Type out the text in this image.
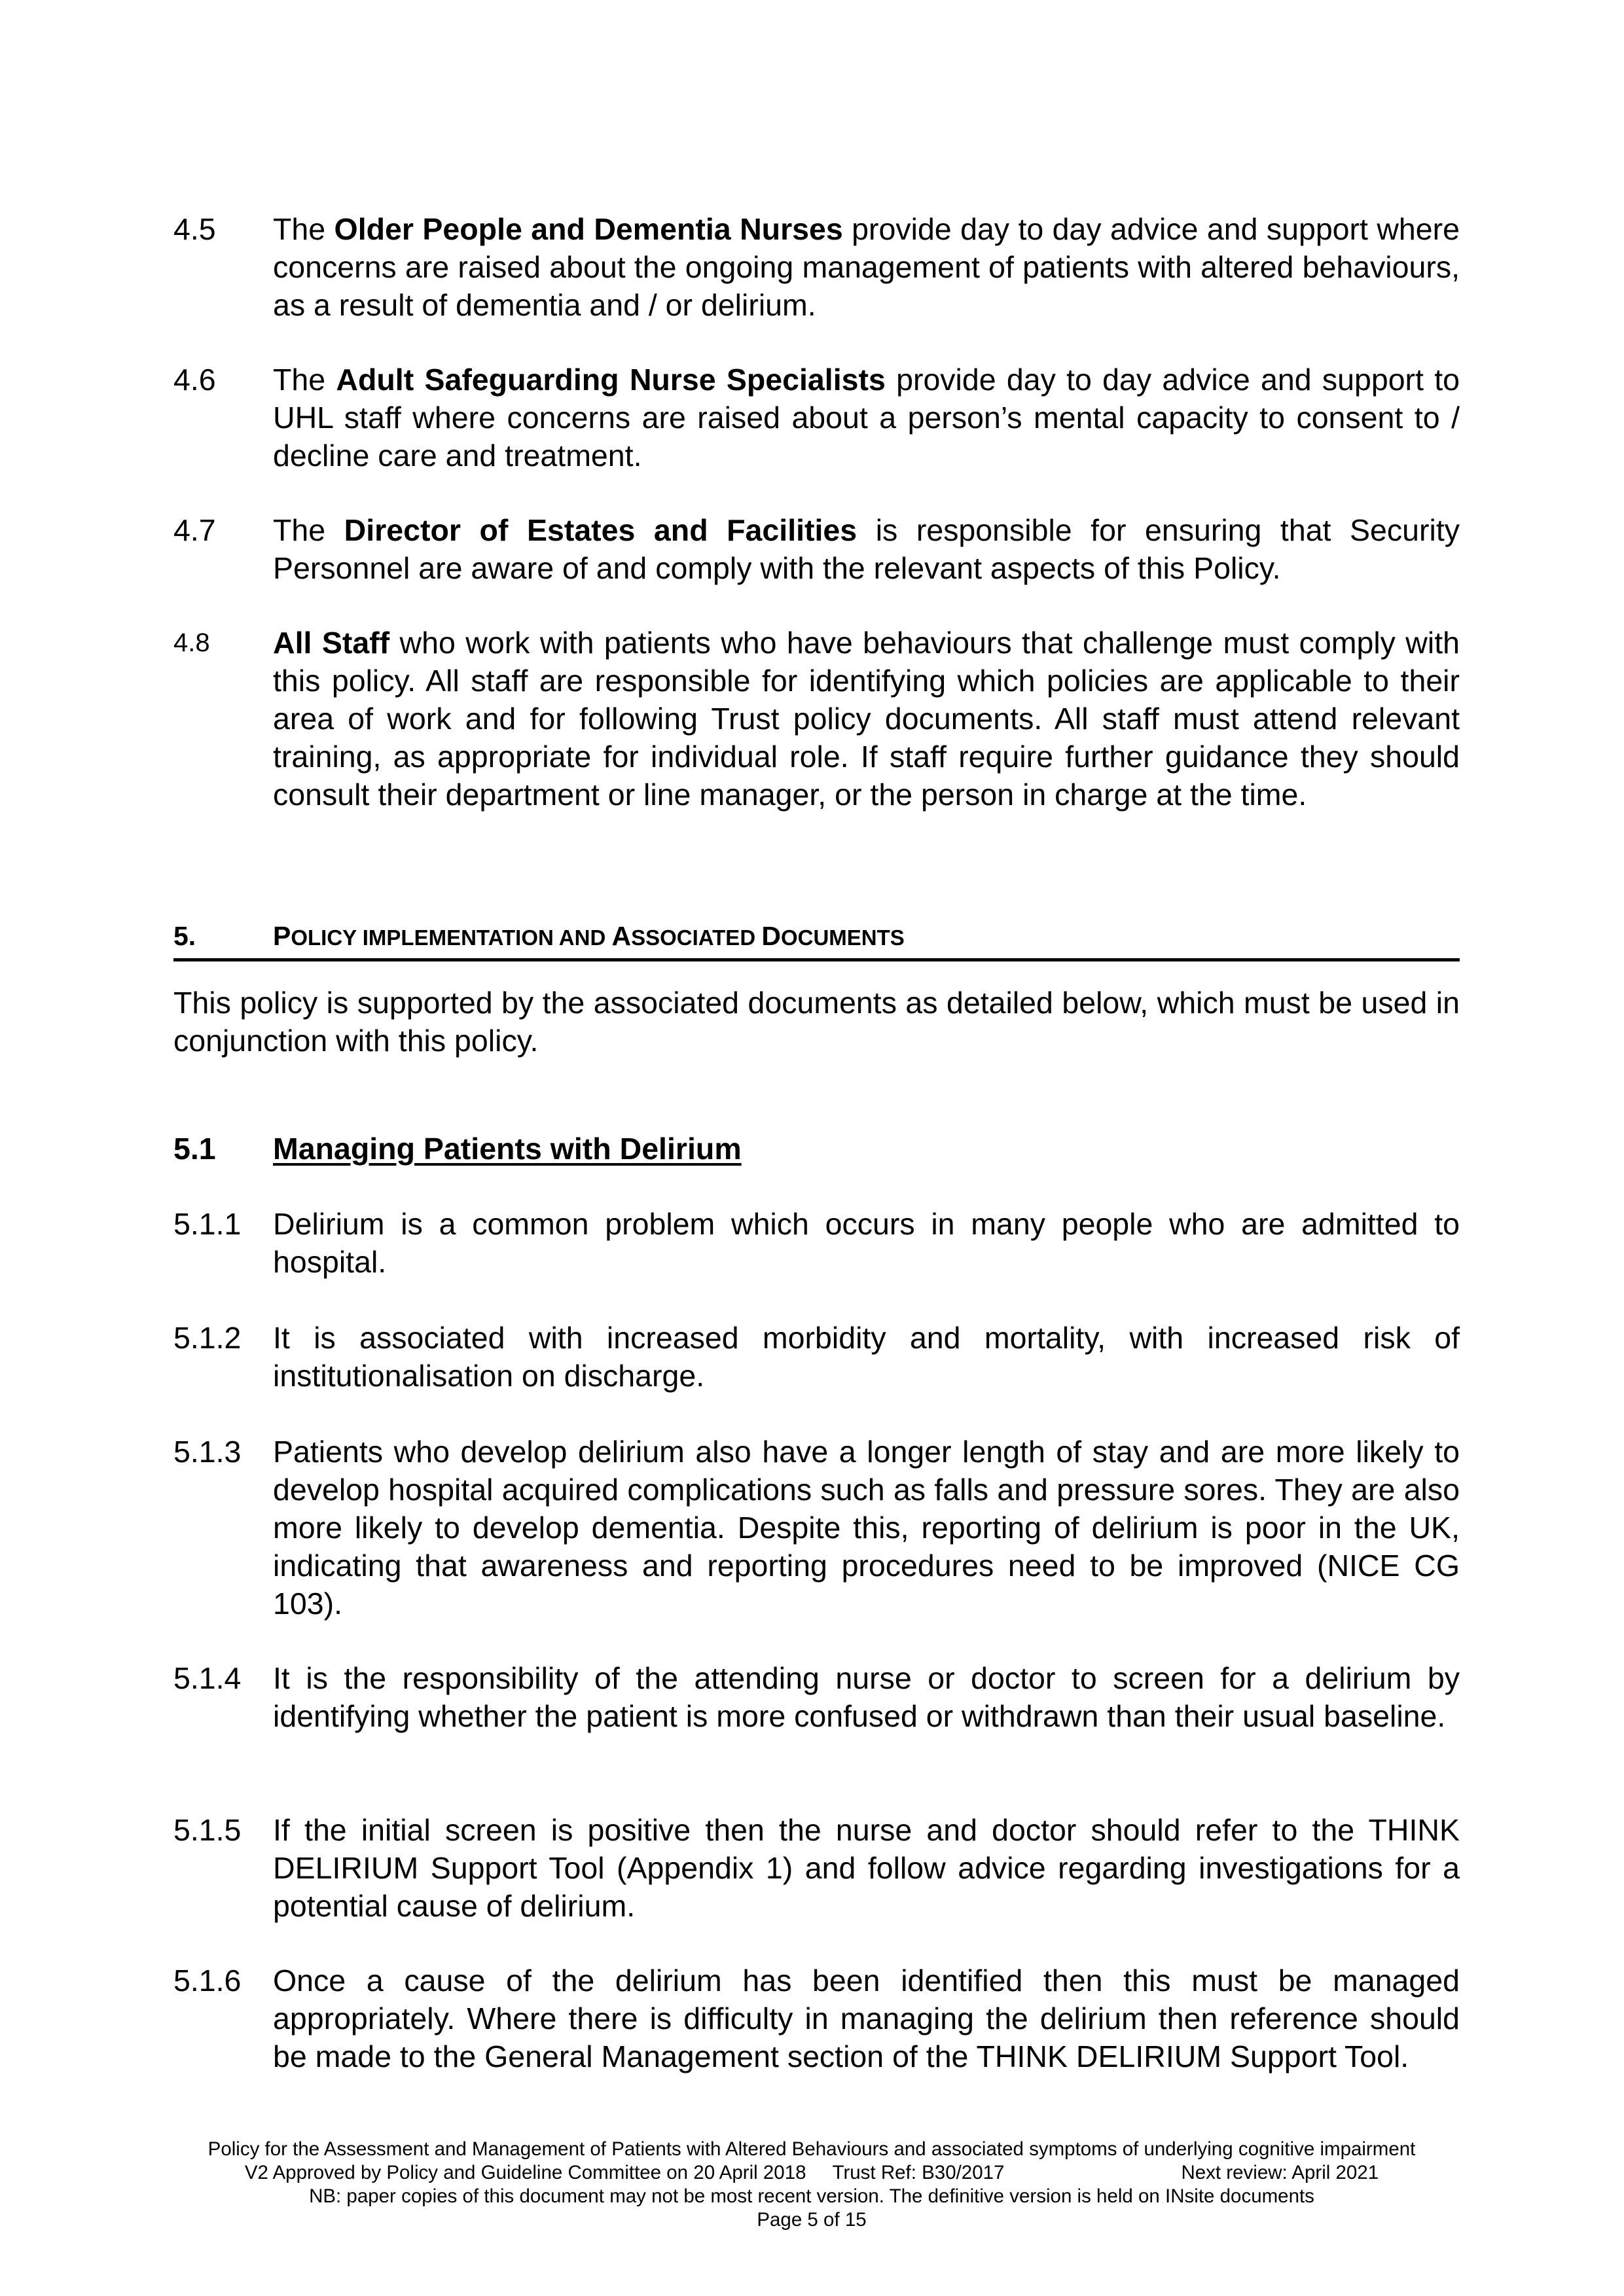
4.5	The Older People and Dementia Nurses provide day to day advice and support where concerns are raised about the ongoing management of patients with altered behaviours, as a result of dementia and / or delirium.
4.6	The Adult Safeguarding Nurse Specialists provide day to day advice and support to UHL staff where concerns are raised about a person’s mental capacity to consent to / decline care and treatment.
4.7	The Director of Estates and Facilities is responsible for ensuring that Security Personnel are aware of and comply with the relevant aspects of this Policy.
4.8	All Staff who work with patients who have behaviours that challenge must comply with this policy. All staff are responsible for identifying which policies are applicable to their area of work and for following Trust policy documents. All staff must attend relevant training, as appropriate for individual role. If staff require further guidance they should consult their department or line manager, or the person in charge at the time.
5.	POLICY IMPLEMENTATION AND ASSOCIATED DOCUMENTS
This policy is supported by the associated documents as detailed below, which must be used in conjunction with this policy.
5.1	Managing Patients with Delirium
5.1.1	Delirium is a common problem which occurs in many people who are admitted to hospital.
5.1.2	It is associated with increased morbidity and mortality, with increased risk of institutionalisation on discharge.
5.1.3	Patients who develop delirium also have a longer length of stay and are more likely to develop hospital acquired complications such as falls and pressure sores. They are also more likely to develop dementia. Despite this, reporting of delirium is poor in the UK, indicating that awareness and reporting procedures need to be improved (NICE CG 103).
5.1.4	It is the responsibility of the attending nurse or doctor to screen for a delirium by identifying whether the patient is more confused or withdrawn than their usual baseline.
5.1.5	If the initial screen is positive then the nurse and doctor should refer to the THINK DELIRIUM Support Tool (Appendix 1) and follow advice regarding investigations for a potential cause of delirium.
5.1.6	Once a cause of the delirium has been identified then this must be managed appropriately. Where there is difficulty in managing the delirium then reference should be made to the General Management section of the THINK DELIRIUM Support Tool.
Policy for the Assessment and Management of Patients with Altered Behaviours and associated symptoms of underlying cognitive impairment
V2 Approved by Policy and Guideline Committee on 20 April 2018 Trust Ref: B30/2017	Next review: April 2021
NB: paper copies of this document may not be most recent version. The definitive version is held on INsite documents
Page 5 of 15
